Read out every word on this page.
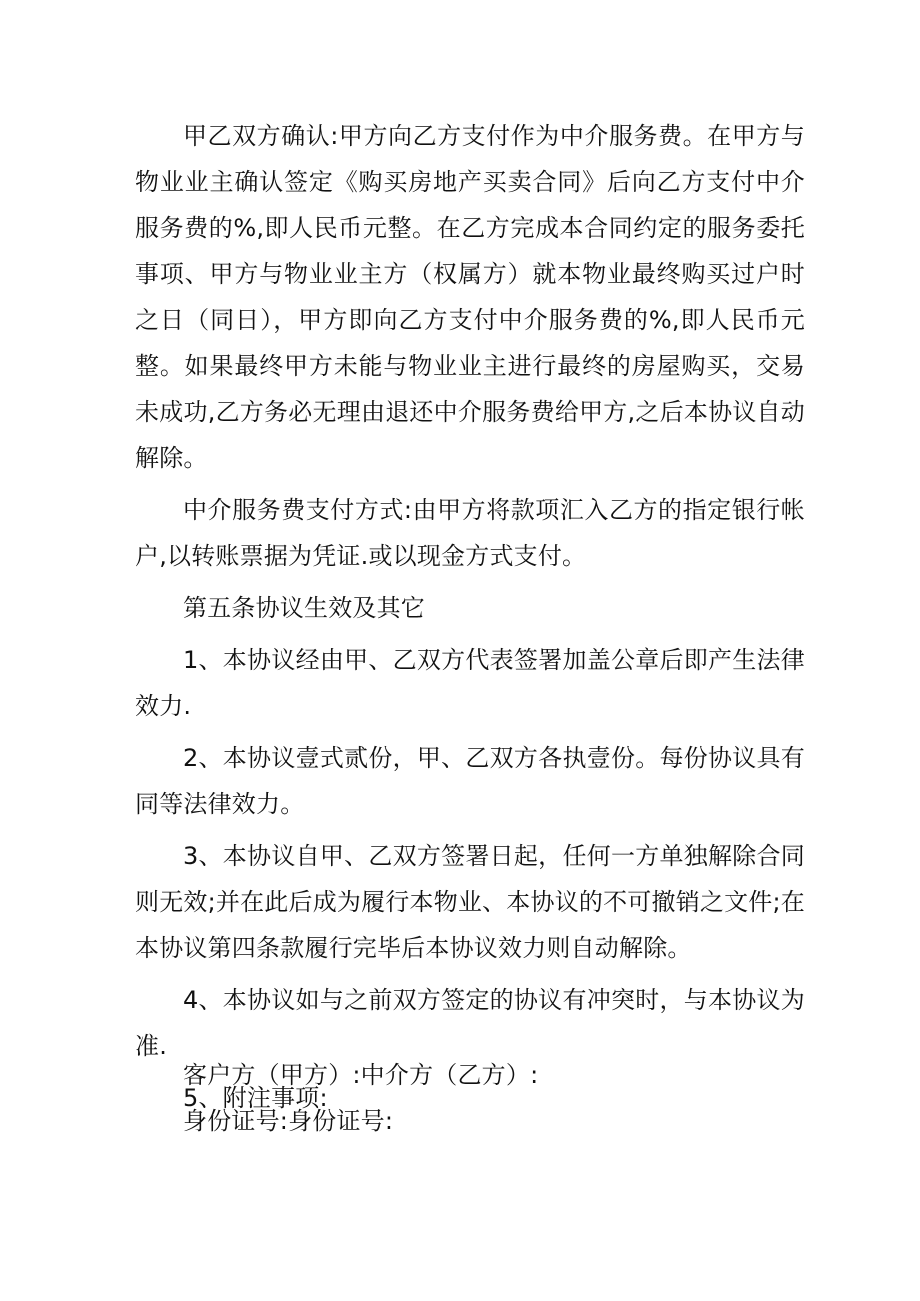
甲乙双方确认:甲方向乙方支付作为中介服务费。在甲方与物业业主确认签定《购买房地产买卖合同》后向乙方支付中介服务费的%,即人民币元整。在乙方完成本合同约定的服务委托事项、甲方与物业业主方（权属方）就本物业最终购买过户时之日（同日），甲方即向乙方支付中介服务费的%,即人民币元整。如果最终甲方未能与物业业主进行最终的房屋购买，交易未成功,乙方务必无理由退还中介服务费给甲方,之后本协议自动解除。

中介服务费支付方式:由甲方将款项汇入乙方的指定银行帐户,以转账票据为凭证.或以现金方式支付。

第五条协议生效及其它

1、本协议经由甲、乙双方代表签署加盖公章后即产生法律效力.

2、本协议壹式贰份，甲、乙双方各执壹份。每份协议具有同等法律效力。

3、本协议自甲、乙双方签署日起，任何一方单独解除合同则无效;并在此后成为履行本物业、本协议的不可撤销之文件;在本协议第四条款履行完毕后本协议效力则自动解除。

4、本协议如与之前双方签定的协议有冲突时，与本协议为准.

5、附注事项:

客户方（甲方）:中介方（乙方）:

身份证号:身份证号:
